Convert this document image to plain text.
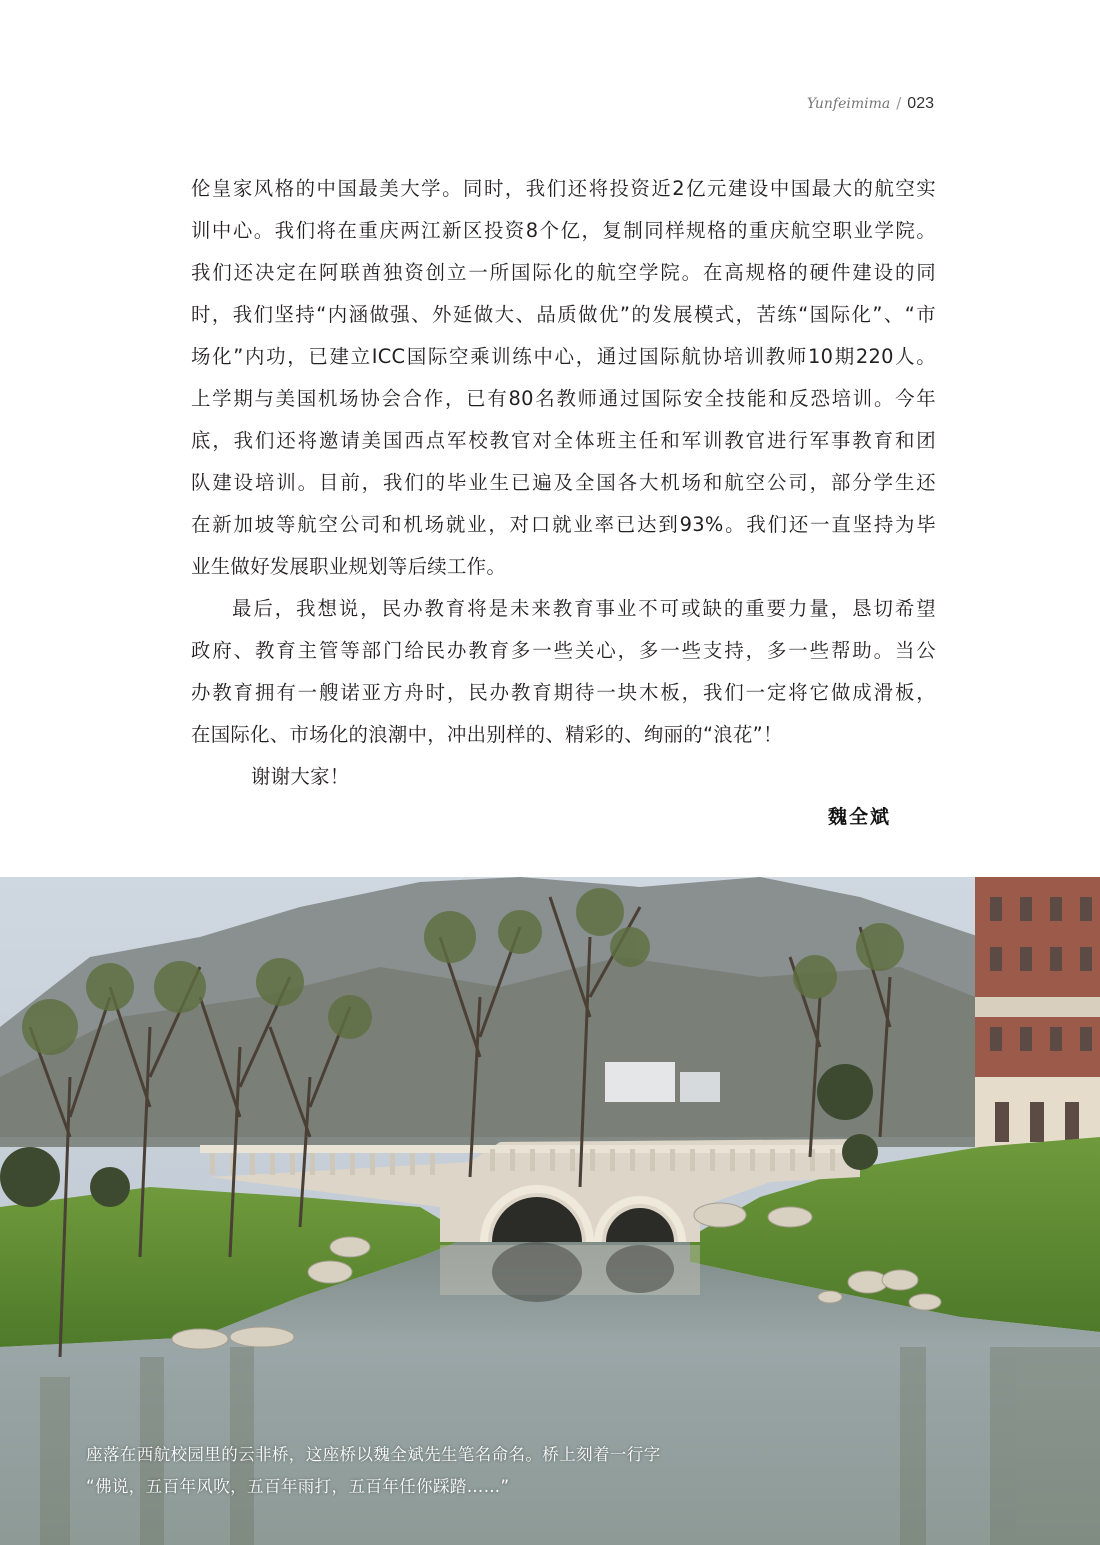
Yunfeimima / 023
伦皇家风格的中国最美大学。同时，我们还将投资近2亿元建设中国最大的航空实
训中心。我们将在重庆两江新区投资8个亿，复制同样规格的重庆航空职业学院。
我们还决定在阿联酋独资创立一所国际化的航空学院。在高规格的硬件建设的同
时，我们坚持“内涵做强、外延做大、品质做优”的发展模式，苦练“国际化”、“市
场化”内功，已建立ICC国际空乘训练中心，通过国际航协培训教师10期220人。
上学期与美国机场协会合作，已有80名教师通过国际安全技能和反恐培训。今年
底，我们还将邀请美国西点军校教官对全体班主任和军训教官进行军事教育和团
队建设培训。目前，我们的毕业生已遍及全国各大机场和航空公司，部分学生还
在新加坡等航空公司和机场就业，对口就业率已达到93%。我们还一直坚持为毕
业生做好发展职业规划等后续工作。
最后，我想说，民办教育将是未来教育事业不可或缺的重要力量，恳切希望
政府、教育主管等部门给民办教育多一些关心，多一些支持，多一些帮助。当公
办教育拥有一艘诺亚方舟时，民办教育期待一块木板，我们一定将它做成滑板，
在国际化、市场化的浪潮中，冲出别样的、精彩的、绚丽的“浪花”！
谢谢大家！
魏全斌
座落在西航校园里的云非桥，这座桥以魏全斌先生笔名命名。桥上刻着一行字
“佛说，五百年风吹，五百年雨打，五百年任你踩踏……”
